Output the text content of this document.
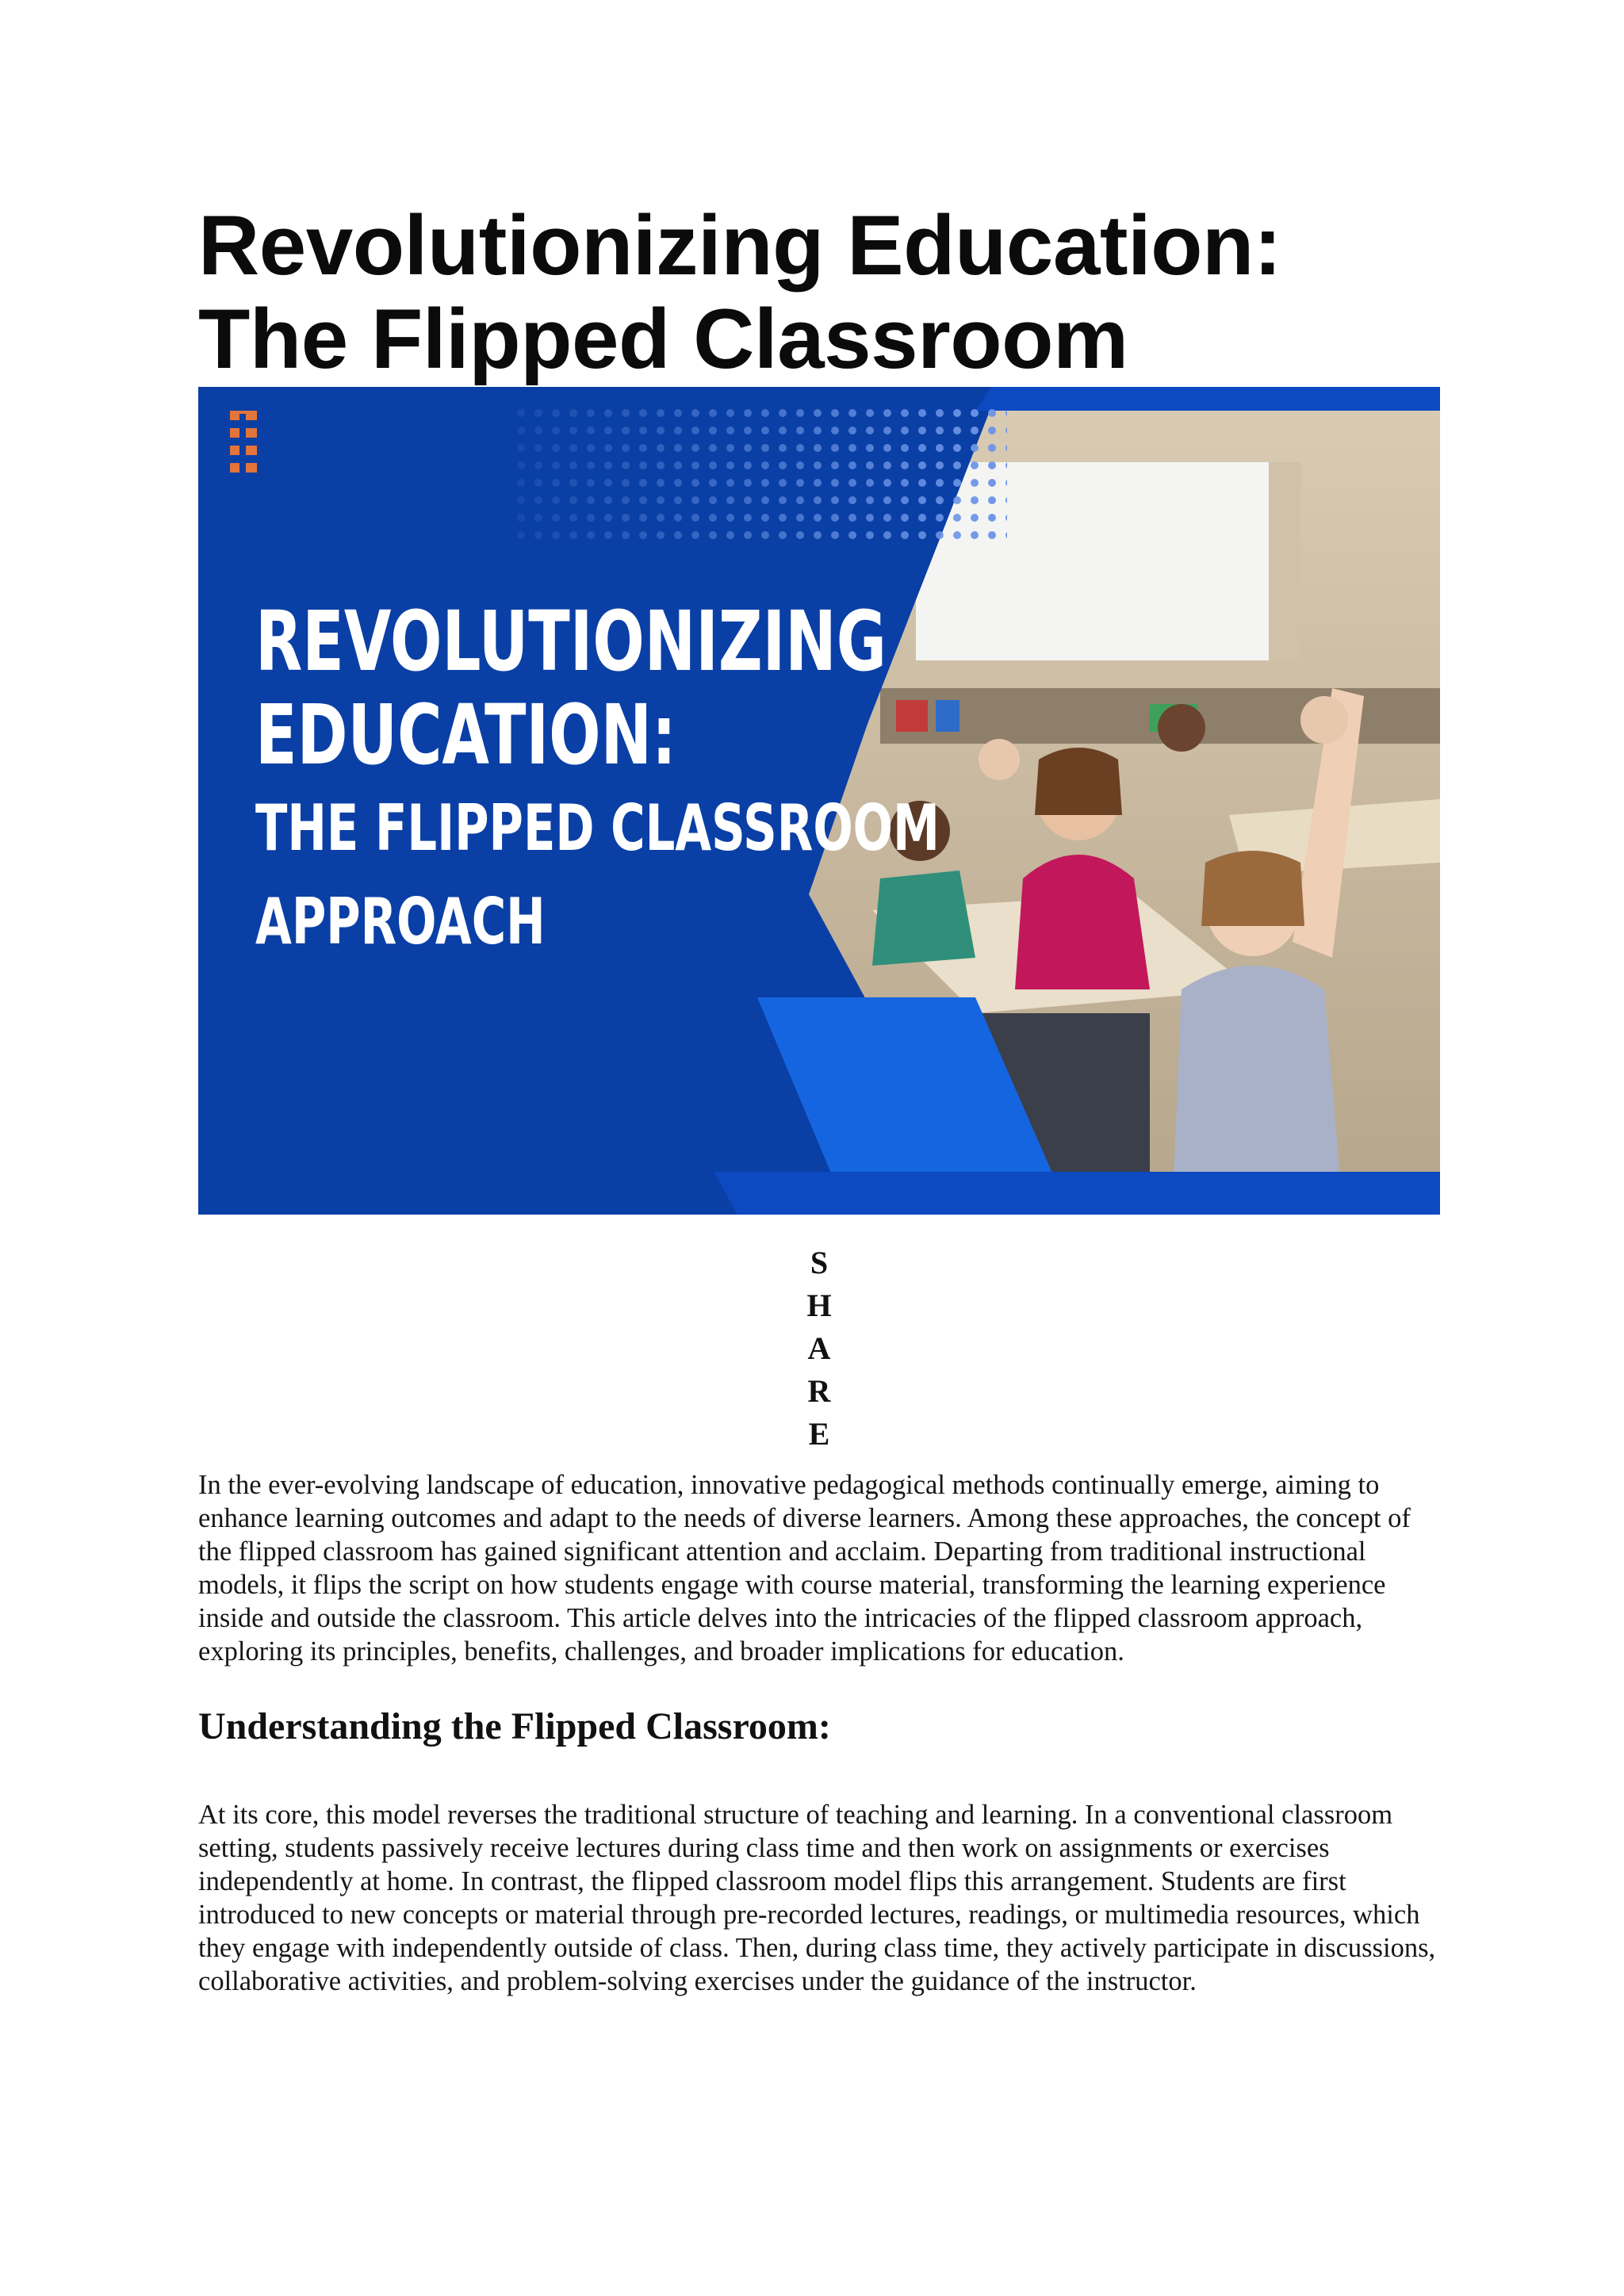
Revolutionizing Education: The Flipped Classroom
REVOLUTIONIZING
EDUCATION:
THE FLIPPED CLASSROOM
APPROACH
S
H
A
R
E

In the ever-evolving landscape of education, innovative pedagogical methods continually emerge, aiming to enhance learning outcomes and adapt to the needs of diverse learners. Among these approaches, the concept of the flipped classroom has gained significant attention and acclaim. Departing from traditional instructional models, it flips the script on how students engage with course material, transforming the learning experience inside and outside the classroom. This article delves into the intricacies of the flipped classroom approach, exploring its principles, benefits, challenges, and broader implications for education.

Understanding the Flipped Classroom:

At its core, this model reverses the traditional structure of teaching and learning. In a conventional classroom setting, students passively receive lectures during class time and then work on assignments or exercises independently at home. In contrast, the flipped classroom model flips this arrangement. Students are first introduced to new concepts or material through pre-recorded lectures, readings, or multimedia resources, which they engage with independently outside of class. Then, during class time, they actively participate in discussions, collaborative activities, and problem-solving exercises under the guidance of the instructor.
